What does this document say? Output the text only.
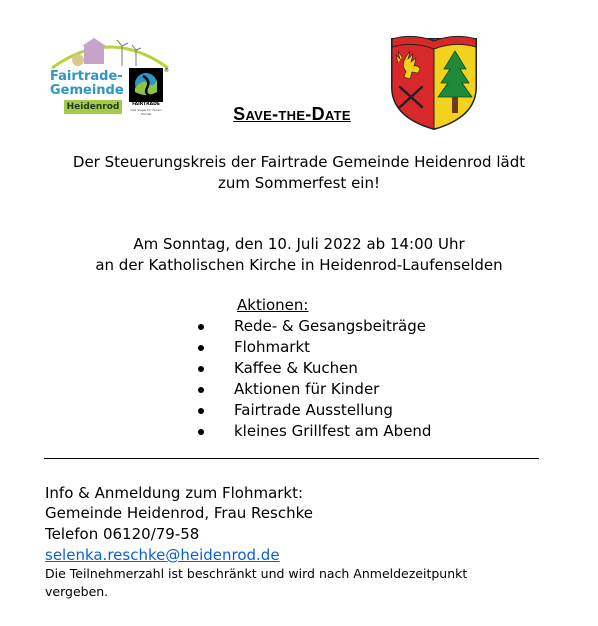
Fairtrade-
Gemeinde
Heidenrod	FAIRTRADE
Das Siegel für Fairen Handel
®
Save-the-Date
Der Steuerungskreis der Fairtrade Gemeinde Heidenrod lädt
zum Sommerfest ein!
Am Sonntag, den 10. Juli 2022 ab 14:00 Uhr
an der Katholischen Kirche in Heidenrod-Laufenselden
Aktionen:
Rede- & Gesangsbeiträge
Flohmarkt
Kaffee & Kuchen
Aktionen für Kinder
Fairtrade Ausstellung
kleines Grillfest am Abend
Info & Anmeldung zum Flohmarkt:
Gemeinde Heidenrod, Frau Reschke
Telefon 06120/79-58
selenka.reschke@heidenrod.de
Die Teilnehmerzahl ist beschränkt und wird nach Anmeldezeitpunkt vergeben.
